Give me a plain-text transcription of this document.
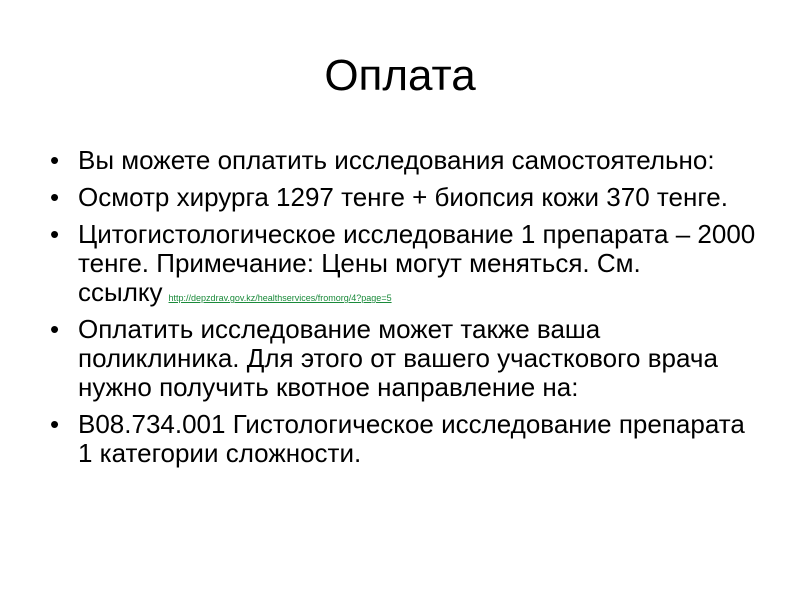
Оплата
• Вы можете оплатить исследования самостоятельно:
• Осмотр хирурга 1297 тенге + биопсия кожи 370 тенге.
• Цитогистологическое исследование 1 препарата – 2000 тенге. Примечание: Цены могут меняться. См. ссылку http://depzdrav.gov.kz/healthservices/fromorg/4?page=5
• Оплатить исследование может также ваша поликлиника. Для этого от вашего участкового врача нужно получить квотное направление на:
• B08.734.001 Гистологическое исследование препарата 1 категории сложности.
